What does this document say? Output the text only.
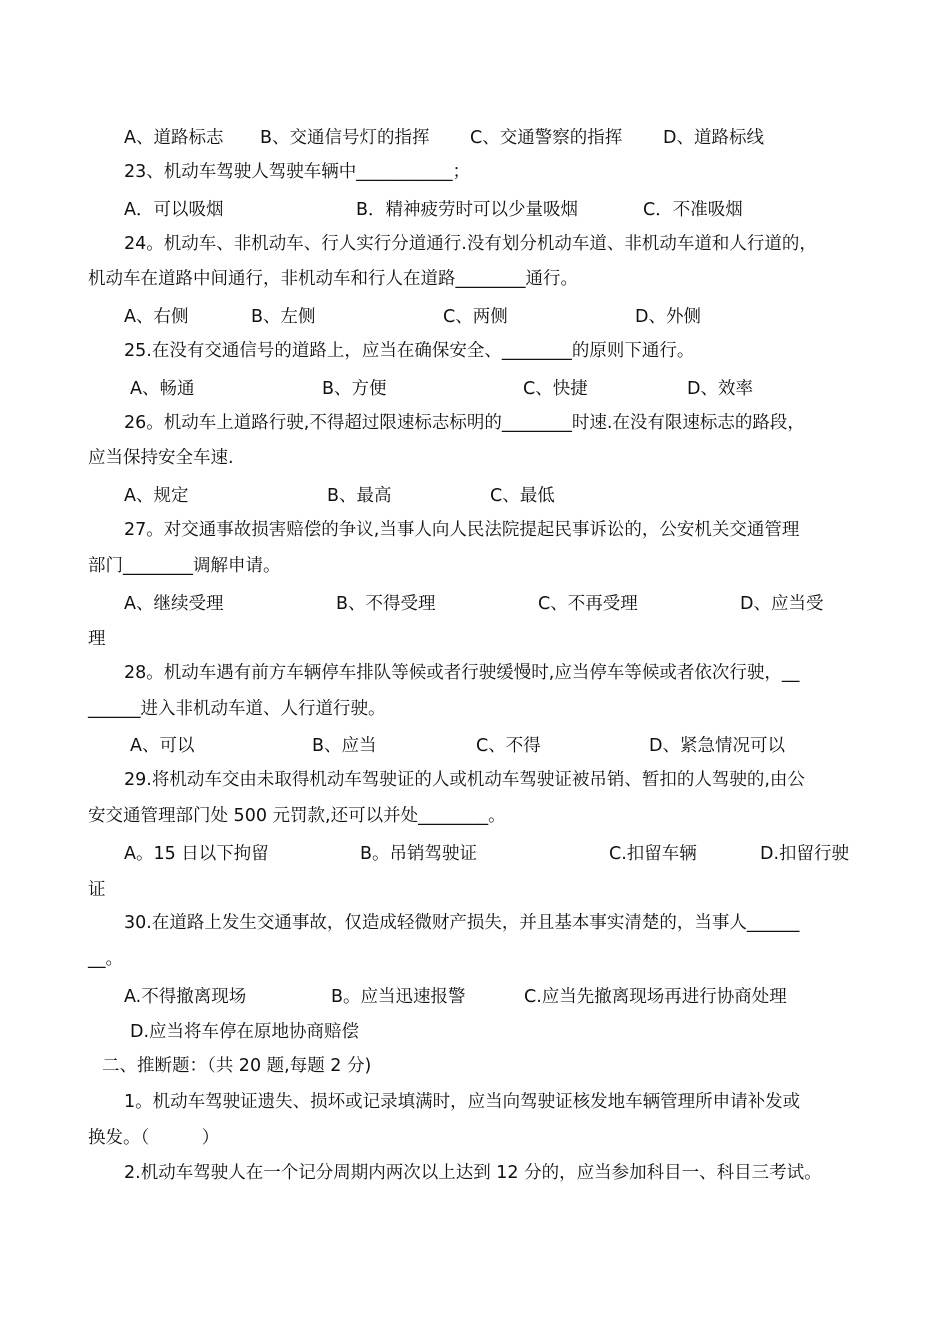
A、道路标志 B、交通信号灯的指挥 C、交通警察的指挥 D、道路标线
23、机动车驾驶人驾驶车辆中___________；
A．可以吸烟	B．精神疲劳时可以少量吸烟	C．不准吸烟
24。机动车、非机动车、行人实行分道通行.没有划分机动车道、非机动车道和人行道的，
机动车在道路中间通行，非机动车和行人在道路________通行。
A、右侧	B、左侧	C、两侧	D、外侧
25.在没有交通信号的道路上，应当在确保安全、________的原则下通行。
A、畅通	B、方便	C、快捷	D、效率
26。机动车上道路行驶,不得超过限速标志标明的________时速.在没有限速标志的路段，
应当保持安全车速.
A、规定	B、最高	C、最低
27。对交通事故损害赔偿的争议,当事人向人民法院提起民事诉讼的，公安机关交通管理
部门________调解申请。
A、继续受理	B、不得受理	C、不再受理	D、应当受
理
28。机动车遇有前方车辆停车排队等候或者行驶缓慢时,应当停车等候或者依次行驶，__
______进入非机动车道、人行道行驶。
A、可以	B、应当	C、不得	D、紧急情况可以
29.将机动车交由未取得机动车驾驶证的人或机动车驾驶证被吊销、暂扣的人驾驶的,由公
安交通管理部门处 500 元罚款,还可以并处________。
A。15 日以下拘留	B。吊销驾驶证	C.扣留车辆	D.扣留行驶
证
30.在道路上发生交通事故，仅造成轻微财产损失，并且基本事实清楚的，当事人______
__。
A.不得撤离现场	B。应当迅速报警	C.应当先撤离现场再进行协商处理
D.应当将车停在原地协商赔偿
二、推断题：（共 20 题,每题 2 分)
1。机动车驾驶证遗失、损坏或记录填满时，应当向驾驶证核发地车辆管理所申请补发或
换发。（　　　）
2.机动车驾驶人在一个记分周期内两次以上达到 12 分的，应当参加科目一、科目三考试。
